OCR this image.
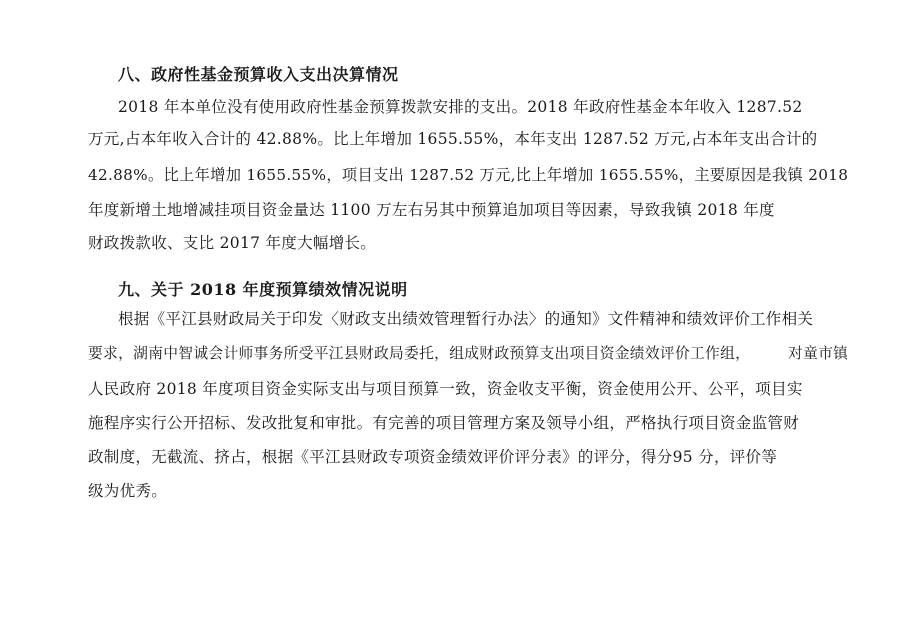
八、政府性基金预算收入支出决算情况
2018 年本单位没有使用政府性基金预算拨款安排的支出。2018 年政府性基金本年收入 1287.52
万元,占本年收入合计的 42.88%。比上年增加 1655.55%，本年支出 1287.52 万元,占本年支出合计的
42.88%。比上年增加 1655.55%，项目支出 1287.52 万元,比上年增加 1655.55%，主要原因是我镇 2018
年度新增土地增减挂项目资金量达 1100 万左右另其中预算追加项目等因素，导致我镇 2018 年度
财政拨款收、支比 2017 年度大幅增长。
九、关于 2018 年度预算绩效情况说明
根据《平江县财政局关于印发〈财政支出绩效管理暂行办法〉的通知》文件精神和绩效评价工作相关
要求，湖南中智诚会计师事务所受平江县财政局委托，组成财政预算支出项目资金绩效评价工作组，　　　对童市镇
人民政府 2018 年度项目资金实际支出与项目预算一致，资金收支平衡，资金使用公开、公平，项目实
施程序实行公开招标、发改批复和审批。有完善的项目管理方案及领导小组，严格执行项目资金监管财
政制度，无截流、挤占，根据《平江县财政专项资金绩效评价评分表》的评分，得分95 分，评价等
级为优秀。
